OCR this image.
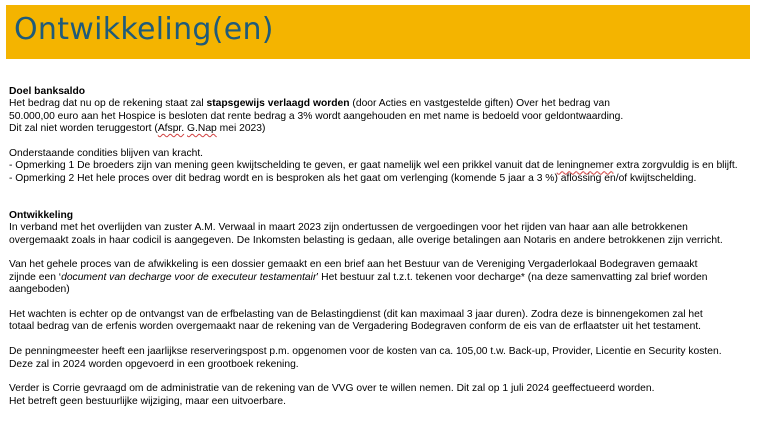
Ontwikkeling(en)
Doel banksaldo
Het bedrag dat nu op de rekening staat zal stapsgewijs verlaagd worden (door Acties en vastgestelde giften) Over het bedrag van
50.000,00 euro aan het Hospice is besloten dat rente bedrag a 3% wordt aangehouden en met name is bedoeld voor geldontwaarding.
Dit zal niet worden teruggestort (Afspr. G.Nap mei 2023)
Onderstaande condities blijven van kracht.
- Opmerking 1 De broeders zijn van mening geen kwijtschelding te geven, er gaat namelijk wel een prikkel vanuit dat de leningnemer extra zorgvuldig is en blijft.
- Opmerking 2 Het hele proces over dit bedrag wordt en is besproken als het gaat om verlenging (komende 5 jaar a 3 %) aflossing en/of kwijtschelding.
Ontwikkeling
In verband met het overlijden van zuster A.M. Verwaal in maart 2023 zijn ondertussen de vergoedingen voor het rijden van haar aan alle betrokkenen
overgemaakt zoals in haar codicil is aangegeven. De Inkomsten belasting is gedaan, alle overige betalingen aan Notaris en andere betrokkenen zijn verricht.
Van het gehele proces van de afwikkeling is een dossier gemaakt en een brief aan het Bestuur van de Vereniging Vergaderlokaal Bodegraven gemaakt
zijnde een ‘document van decharge voor de executeur testamentair’ Het bestuur zal t.z.t. tekenen voor decharge* (na deze samenvatting zal brief worden
aangeboden)
Het wachten is echter op de ontvangst van de erfbelasting van de Belastingdienst (dit kan maximaal 3 jaar duren). Zodra deze is binnengekomen zal het
totaal bedrag van de erfenis worden overgemaakt naar de rekening van de Vergadering Bodegraven conform de eis van de erflaatster uit het testament.
De penningmeester heeft een jaarlijkse reserveringspost p.m. opgenomen voor de kosten van ca. 105,00 t.w. Back-up, Provider, Licentie en Security kosten.
Deze zal in 2024 worden opgevoerd in een grootboek rekening.
Verder is Corrie gevraagd om de administratie van de rekening van de VVG over te willen nemen. Dit zal op 1 juli 2024 geeffectueerd worden.
Het betreft geen bestuurlijke wijziging, maar een uitvoerbare.
